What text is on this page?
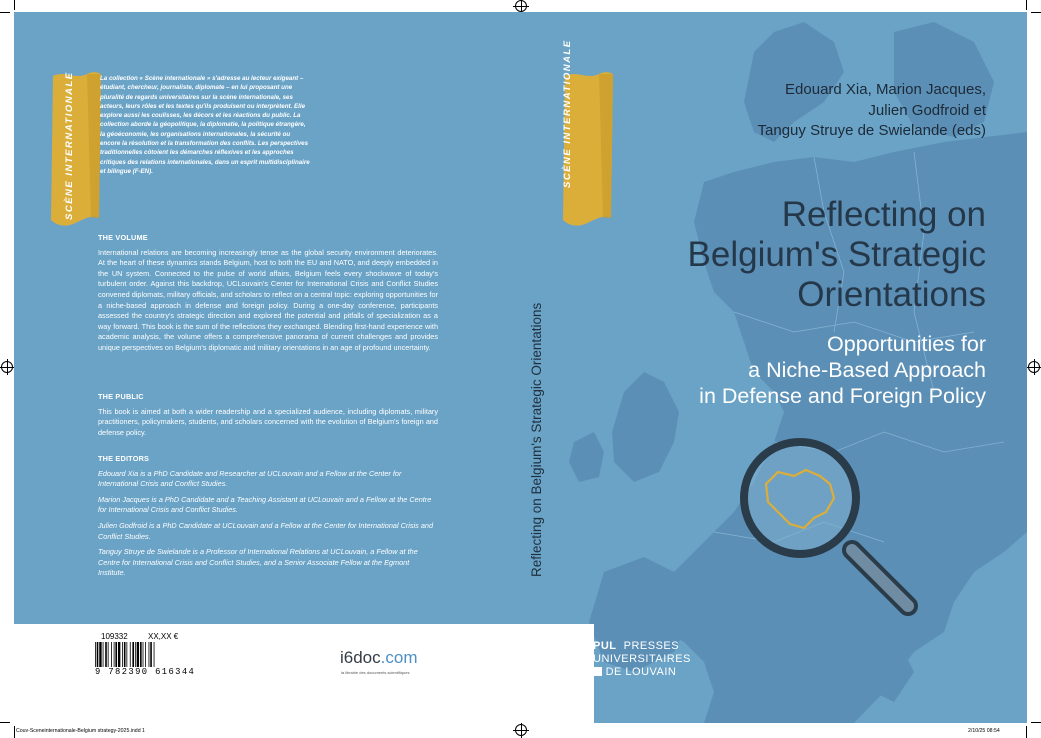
SCÈNE INTERNATIONALE	SCÈNE INTERNATIONALE
La collection « Scène internationale » s'adresse au lecteur exigeant – étudiant, chercheur, journaliste, diplomate – en lui proposant une pluralité de regards universitaires sur la scène internationale, ses acteurs, leurs rôles et les textes qu'ils produisent ou interprètent. Elle explore aussi les coulisses, les décors et les réactions du public. La collection aborde la géopolitique, la diplomatie, la politique étrangère, la géoéconomie, les organisations internationales, la sécurité ou encore la résolution et la transformation des conflits. Les perspectives traditionnelles côtoient les démarches réflexives et les approches critiques des relations internationales, dans un esprit multidisciplinaire et bilingue (F-EN).
THE VOLUME
International relations are becoming increasingly tense as the global security environment deteriorates. At the heart of these dynamics stands Belgium, host to both the EU and NATO, and deeply embedded in the UN system. Connected to the pulse of world affairs, Belgium feels every shockwave of today's turbulent order. Against this backdrop, UCLouvain's Center for International Crisis and Conflict Studies convened diplomats, military officials, and scholars to reflect on a central topic: exploring opportunities for a niche-based approach in defense and foreign policy. During a one-day conference, participants assessed the country's strategic direction and explored the potential and pitfalls of specialization as a way forward. This book is the sum of the reflections they exchanged. Blending first-hand experience with academic analysis, the volume offers a comprehensive panorama of current challenges and provides unique perspectives on Belgium's diplomatic and military orientations in an age of profound uncertainty.
THE PUBLIC
This book is aimed at both a wider readership and a specialized audience, including diplomats, military practitioners, policymakers, students, and scholars concerned with the evolution of Belgium's foreign and defense policy.
THE EDITORS
Edouard Xia is a PhD Candidate and Researcher at UCLouvain and a Fellow at the Center for International Crisis and Conflict Studies.
Marion Jacques is a PhD Candidate and a Teaching Assistant at UCLouvain and a Fellow at the Centre for International Crisis and Conflict Studies.
Julien Godfroid is a PhD Candidate at UCLouvain and a Fellow at the Center for International Crisis and Conflict Studies.
Tanguy Struye de Swielande is a Professor of International Relations at UCLouvain, a Fellow at the Centre for International Crisis and Conflict Studies, and a Senior Associate Fellow at the Egmont Institute.	Reflecting on Belgium's Strategic Orientations
Edouard Xia, Marion Jacques,
Julien Godfroid et
Tanguy Struye de Swielande (eds)
Reflecting on
Belgium's Strategic
Orientations
Opportunities for
a Niche-Based Approach
in Defense and Foreign Policy
109332	XX,XX €
9 782390 616344
i6doc.com
la librairie des documents scientifiques
PUL PRESSES
UNIVERSITAIRES
DE LOUVAIN
Couv-Sceneinternationale-Belgium strategy-2025.indd 1	2/10/25 08:54
